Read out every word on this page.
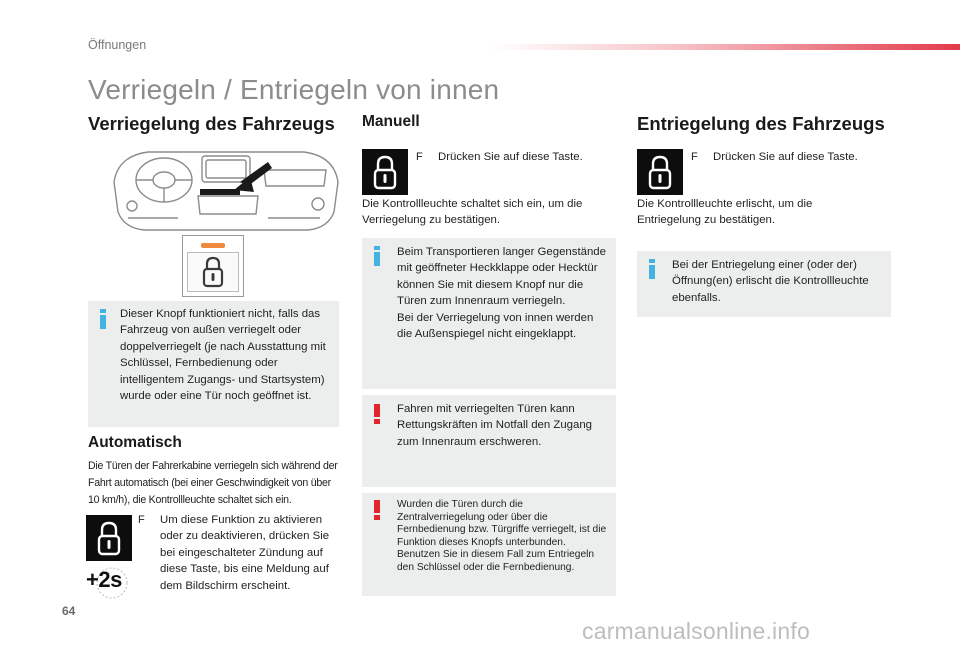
Öffnungen
Verriegeln / Entriegeln von innen
Verriegelung des Fahrzeugs
Dieser Knopf funktioniert nicht, falls das Fahrzeug von außen verriegelt oder doppelverriegelt (je nach Ausstattung mit Schlüssel, Fernbedienung oder intelligentem Zugangs- und Startsystem) wurde oder eine Tür noch geöffnet ist.
Automatisch
Die Türen der Fahrerkabine verriegeln sich während der Fahrt automatisch (bei einer Geschwindigkeit von über 10 km/h), die Kontrollleuchte schaltet sich ein.
+2s
F Um diese Funktion zu aktivieren oder zu deaktivieren, drücken Sie bei eingeschalteter Zündung auf diese Taste, bis eine Meldung auf dem Bildschirm erscheint.
Manuell
F Drücken Sie auf diese Taste.
Die Kontrollleuchte schaltet sich ein, um die Verriegelung zu bestätigen.
Beim Transportieren langer Gegenstände mit geöffneter Heckklappe oder Hecktür können Sie mit diesem Knopf nur die Türen zum Innenraum verriegeln.
Bei der Verriegelung von innen werden die Außenspiegel nicht eingeklappt.
Fahren mit verriegelten Türen kann Rettungskräften im Notfall den Zugang zum Innenraum erschweren.
Wurden die Türen durch die Zentralverriegelung oder über die Fernbedienung bzw. Türgriffe verriegelt, ist die Funktion dieses Knopfs unterbunden. Benutzen Sie in diesem Fall zum Entriegeln den Schlüssel oder die Fernbedienung.
Entriegelung des Fahrzeugs
F Drücken Sie auf diese Taste.
Die Kontrollleuchte erlischt, um die Entriegelung zu bestätigen.
Bei der Entriegelung einer (oder der) Öffnung(en) erlischt die Kontrollleuchte ebenfalls.
64
carmanualsonline.info
